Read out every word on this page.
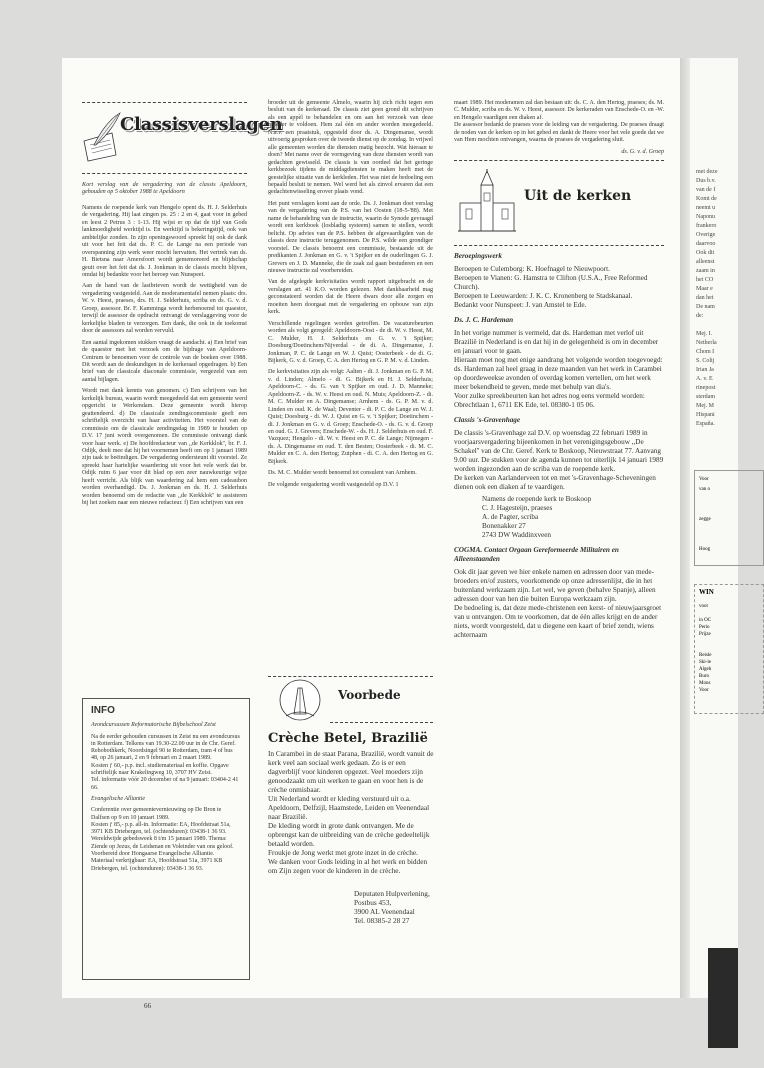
Classisverslagen

Kort verslag van de vergadering van de classis Apeldoorn, gehouden op 5 oktober 1988 te Apeldoorn

Namens de roepende kerk van Hengelo opent ds. H. J. Selderhuis de vergadering. Hij laat zingen ps. 25 : 2 en 4, gaat voor in gebed en leest 2 Petrus 3 : 1-13. Hij wijst er op dat de tijd van Gods lankmoedigheid werktijd is. En werktijd is bekeringstijd, ook van ambtelijke zonden. In zijn openingswoord spreekt hij ook de dank uit voor het feit dat ds. P. C. de Lange na een periode van overspanning zijn werk weer mocht hervatten. Het vertrek van ds. H. Bietsna naar Amersfoort wordt gememoreerd en blijdschap geuit over het feit dat ds. J. Jonkman in de classis mocht blijven, omdat hij bedankte voor het beroep van Nunspeet.

Aan de hand van de lastbrieven wordt de wettigheid van de vergadering vastgesteld. Aan de moderamentafel nemen plaats: drs. W. v. Heest, praeses, drs. H. J. Selderhuis, scriba en ds. G. v. d. Groep, assessor. Br. F. Kamminga wordt herbenoemd tot quaestor, terwijl de assessor de opdracht ontvangt de verslaggeving voor de kerkelijke bladen te verzorgen. Een dank, die ook in de toekomst door de assessors zal worden vervuld.

Een aantal ingekomen stukken vraagt de aandacht. a) Een brief van de quaestor met het verzoek om de bijdrage van Apeldoorn-Centrum te benoemen voor de controle van de boeken over 1988. Dit wordt aan de deskundigen in de kerkeraad opgedragen. b) Een brief van de classicale diaconale commissie, vergezeld van een aantal bijlagen.

Wordt met dank kennis van genomen. c) Een schrijven van het kerkelijk bureau, waarin wordt meegedeeld dat een gemeente werd opgericht te Werkendam. Deze gemeente wordt hierop geattendeerd. d) De classicale zendingscommissie geeft een schriftelijk overzicht van haar activiteiten. Het voorstel van de commissie om de classicale zendingsdag in 1989 te houden op D.V. 17 juni wordt overgenomen. De commissie ontvangt dank voor haar werk. e) De hoofdredacteur van ,,de Kerkklok'', br. F. J. Odijk, deelt mee dat hij het voornemen heeft om op 1 januari 1989 zijn taak te beëindigen. De vergadering ondersteunt dit voorstel. Ze spreekt haar hartelijke waardering uit voor het vele werk dat br. Odijk ruim 6 jaar voor dit blad op een zeer nauwkeurige wijze heeft verricht. Als blijk van waardering zal hem een cadeaubon worden overhandigd. Ds. J. Jonkman en ds. H. J. Selderhuis worden benoemd om de redactie van ,,de Kerkklok'' te assisteren bij het zoeken naar een nieuwe redacteur. f) Een schrijven van een

broeder uit de gemeente Almelo, waarin hij zich richt tegen een besluit van de kerkeraad. De classis ziet geen grond dit schrijven als een appèl te behandelen en om aan het verzoek van deze broeder te voldoen. Hem zal één en ander worden meegedeeld. N.a.v. een praatstuk, opgesteld door ds. A. Dingemanse, wordt uitvoerig gesproken over de tweede dienst op de zondag. In vrijwel alle gemeenten worden die diensten matig bezocht. Wat hieraan te doen? Met name over de vormgeving van deze diensten wordt van gedachten gewisseld. De classis is van oordeel dat het geringe kerkbezoek tijdens de middagdiensten te maken heeft met de geestelijke situatie van de kerkleden. Het was niet de bedoeling een bepaald besluit te nemen. Wel werd het als zinvol ervaren dat een gedachtenwisseling erover plaats vond.

Het punt verslagen komt aan de orde. Ds. J. Jonkman doet verslag van de vergadering van de P.S. van het Oosten (18-5-'88). Met name de behandeling van de instructie, waarin de Synode gevraagd wordt een kerkboek (losbladig systeem) samen te stellen, wordt belicht. Op advies van de P.S. hebben de afgevaardigden van de classis deze instructie teruggenomen. De P.S. wilde een grondiger voorstel. De classis benoemt een commissie, bestaande uit de predikanten J. Jonkman en G. v. 't Spijker en de ouderlingen G. J. Grevers en J. D. Manneke, die de zaak zal gaan bestuderen en een nieuwe instructie zal voorbereiden.

Van de afgelegde kerkvisitaties wordt rapport uitgebracht en de verslagen art. 41 K.O. worden gelezen. Met dankbaarheid mag geconstateerd worden dat de Heere dwars door alle zorgen en moeiten heen doorgaat met de vergadering en opbouw van zijn kerk.

Verschillende regelingen worden getroffen. De vacaturebeurten worden als volgt geregeld: Apeldoorn-Oost - de di. W. v. Heest, M. C. Mulder, H. J. Selderhuis en G. v. 't Spijker; Doesburg/Doetinchem/Nijverdal - de di. A. Dingemanse, J. Jonkman, P. C. de Lange en W. J. Quist; Oosterbeek - de di. G. Bijkerk, G. v. d. Groep, C. A. den Hertog en G. P. M. v. d. Linden.

De kerkvisitaties zijn als volgt: Aalten - di. J. Jonkman en G. P. M. v. d. Linden; Almelo - di. G. Bijkerk en H. J. Selderhuis; Apeldoorn-C. - ds. G. van 't Spijker en oud. J. D. Manneke; Apeldoorn-Z. - ds. W. v. Heest en oud. N. Muis; Apeldoorn-Z. - di. M. C. Mulder en A. Dingemanse; Arnhem - ds. G. P. M. v. d. Linden en oud. K. de Waal; Deventer - di. P. C. de Lange en W. J. Quist; Doesburg - di. W. J. Quist en G. v. 't Spijker; Doetinchem - di. J. Jonkman en G. v. d. Groep; Enschede-O. - ds. G. v. d. Groep en oud. G. J. Grevers; Enschede-W. - ds. H. J. Selderhuis en oud. F. Vazquez; Hengelo - di. W. v. Heest en P. C. de Lange; Nijmegen - ds. A. Dingemanse en oud. T. den Besten; Oosterbeek - di. M. C. Mulder en C. A. den Hertog; Zutphen - di. C. A. den Hertog en G. Bijkerk.

Ds. M. C. Mulder wordt benoemd tot consulent van Arnhem.

De volgende vergadering wordt vastgesteld op D.V. 1

maart 1989. Het moderamen zal dan bestaan uit: ds. C. A. den Hertog, praeses; ds. M. C. Mulder, scriba en ds. W. v. Heest, assessor. De kerkeraden van Enschede-O. en -W. en Hengelo vaardigen een diaken af.
De assessor bedankt de praeses voor de leiding van de vergadering. De praeses draagt de noden van de kerken op in het gebed en dankt de Heere voor het vele goede dat we van Hem mochten ontvangen, waarna de praeses de vergadering sluit.

ds. G. v. d. Groep

Uit de kerken
Beroepingswerk

Beroepen te Culemborg: K. Hoefnagel te Nieuwpoort.
Beroepen te Vianen: G. Hamstra te Clifton (U.S.A., Free Reformed Church).
Beroepen te Leeuwarden: J. K. C. Kronenberg te Stadskanaal.
Bedankt voor Nunspeet: J. van Amstel te Ede.

Ds. J. C. Hardeman

In het vorige nummer is vermeld, dat ds. Hardeman met verlof uit Brazilië in Nederland is en dat hij in de gelegenheid is om in december en januari voor te gaan.
Hieraan moet nog met enige aandrang het volgende worden toegevoegd: ds. Hardeman zal heel graag in deze maanden van het werk in Carambei op doordeweekse avonden of overdag komen vertellen, om het werk meer bekendheid te geven, mede met behulp van dia's.
Voor zulke spreekbeurten kan het adres nog eens vermeld worden: Obrechtlaan 1, 6711 EK Ede, tel. 08380-1 05 06.

Classis 's-Gravenhage

De classis 's-Gravenhage zal D.V. op woensdag 22 februari 1989 in voorjaarsvergadering bijeenkomen in het verenigingsgebouw ,,De Schakel'' van de Chr. Geref. Kerk te Boskoop, Nieuwstraat 77. Aanvang 9.00 uur. De stukken voor de agenda kunnen tot uiterlijk 14 januari 1989 worden ingezonden aan de scriba van de roepende kerk.
De kerken van Aarlanderveen tot en met 's-Gravenhage-Scheveningen dienen ook een diaken af te vaardigen.

Namens de roepende kerk te Boskoop
C. J. Hagesteijn, praeses
A. de Pagter, scriba
Bonenakker 27
2743 DW Waddinxveen

COGMA. Contact Orgaan Gereformeerde Militairen en Alleenstaanden

Ook dit jaar geven we hier enkele namen en adressen door van mede-broeders en/of zusters, voorkomende op onze adressenlijst, die in het buitenland werkzaam zijn. Let wel, we geven (behalve Spanje), alleen adressen door van hen die buiten Europa werkzaam zijn.
De bedoeling is, dat deze mede-christenen een kerst- of nieuwjaarsgroet van u ontvangen. Om te voorkomen, dat de één alles krijgt en de ander niets, wordt voorgesteld, dat u diegene een kaart of brief zendt, wiens achternaam

INFO
Avondcursussen Reformatorische Bijbelschool Zeist

Na de eerder gehouden cursussen in Zeist nu een avondcursus in Rotterdam. Telkens van 19.30-22.00 uur in de Chr. Geref. Rehobothkerk, Noordsingel 90 te Rotterdam, tram 4 of bus 48, op 26 januari, 2 en 9 februari en 2 maart 1989.
Kosten ƒ 60,- p.p. incl. studiemateriaal en koffie. Opgave schriftelijk naar Krakelingweg 10, 3707 HV Zeist.
Tel. informatie vóór 20 december of na 9 januari: 03404-2 41 66.

Evangelische Alliantie

Conferentie over gemeentevernieuwing op De Bron te Dalfsen op 9 en 10 januari 1989.
Kosten ƒ 85,- p.p. all-in. Informatie: EA, Hoofdstraat 51a, 3971 KB Driebergen, tel. (ochtenduren): 03438-1 36 93.
Wereldwijde gebedsweek 8 t/m 15 januari 1989. Thema: Ziende op Jezus, de Leidsman en Voleinder van ons geloof.
Voorbereid door Hongaarse Evangelische Alliantie.
Materiaal verkrijgbaar: EA, Hoofdstraat 51a, 3971 KB Driebergen, tel. (ochtenduren): 03438-1 36 93.

Voorbede
Crèche Betel, Brazilië

In Carambei in de staat Parana, Brazilië, wordt vanuit de kerk veel aan sociaal werk gedaan. Zo is er een dagverblijf voor kinderen opgezet. Veel moeders zijn genoodzaakt om uit werken te gaan en voor hen is de crèche onmisbaar.
Uit Nederland wordt er kleding verstuurd uit o.a. Apeldoorn, Delfzijl, Haamstede, Leiden en Veenendaal naar Brazilië.
De kleding wordt in grote dank ontvangen. Me de opbrengst kan de uitbreiding van de crèche gedeeltelijk betaald worden.
Froukje de Jong werkt met grote inzet in de crèche.
We danken voor Gods leiding in al het werk en bidden om Zijn zegen voor de kinderen in de crèche.

Deputaten Hulpverlening,
Postbus 453,
3900 AL Veenendaal
Tel. 08385-2 28 27

66
met deze
Dus b.v.
van de f
Komt de
neemt u
Naponu
frankero
Overige
daarvoo
Ook dit
alleenst
zaam in
het CO
Maar e
dan het
De nam
de:

Mej. I.
Netherla
Chom I
S. Colij
Irian Ja
A. v. E
rinepost
sterdam
Mej. M
Hispani
España.
Voor
van o

zegge

Hoog
WIN

voor

in OC
Perio
Prijze

Reisle
Ski-le
Algeh
Buro
Mons
Voor
